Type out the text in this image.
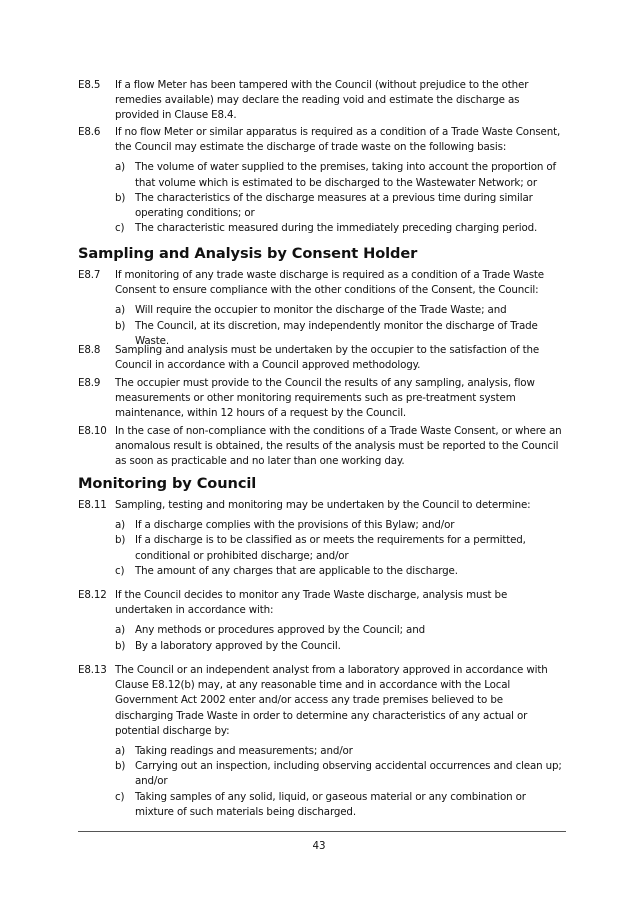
E8.5	If a flow Meter has been tampered with the Council (without prejudice to the other remedies available) may declare the reading void and estimate the discharge as provided in Clause E8.4.
E8.6	If no flow Meter or similar apparatus is required as a condition of a Trade Waste Consent, the Council may estimate the discharge of trade waste on the following basis:
a) The volume of water supplied to the premises, taking into account the proportion of that volume which is estimated to be discharged to the Wastewater Network; or
b) The characteristics of the discharge measures at a previous time during similar operating conditions; or
c)	The characteristic measured during the immediately preceding charging period.
Sampling and Analysis by Consent Holder
E8.7	If monitoring of any trade waste discharge is required as a condition of a Trade Waste Consent to ensure compliance with the other conditions of the Consent, the Council:
a) Will require the occupier to monitor the discharge of the Trade Waste; and
b) The Council, at its discretion, may independently monitor the discharge of Trade Waste.
E8.8	Sampling and analysis must be undertaken by the occupier to the satisfaction of the Council in accordance with a Council approved methodology.
E8.9	The occupier must provide to the Council the results of any sampling, analysis, flow measurements or other monitoring requirements such as pre-treatment system maintenance, within 12 hours of a request by the Council.
E8.10 In the case of non-compliance with the conditions of a Trade Waste Consent, or where an anomalous result is obtained, the results of the analysis must be reported to the Council as soon as practicable and no later than one working day.
Monitoring by Council
E8.11 Sampling, testing and monitoring may be undertaken by the Council to determine:
a) If a discharge complies with the provisions of this Bylaw; and/or
b) If a discharge is to be classified as or meets the requirements for a permitted, conditional or prohibited discharge; and/or
c)	The amount of any charges that are applicable to the discharge.
E8.12 If the Council decides to monitor any Trade Waste discharge, analysis must be undertaken in accordance with:
a) Any methods or procedures approved by the Council; and
b) By a laboratory approved by the Council.
E8.13 The Council or an independent analyst from a laboratory approved in accordance with Clause E8.12(b) may, at any reasonable time and in accordance with the Local Government Act 2002 enter and/or access any trade premises believed to be discharging Trade Waste in order to determine any characteristics of any actual or potential discharge by:
a) Taking readings and measurements; and/or
b) Carrying out an inspection, including observing accidental occurrences and clean up; and/or
c)	Taking samples of any solid, liquid, or gaseous material or any combination or mixture of such materials being discharged.
43
